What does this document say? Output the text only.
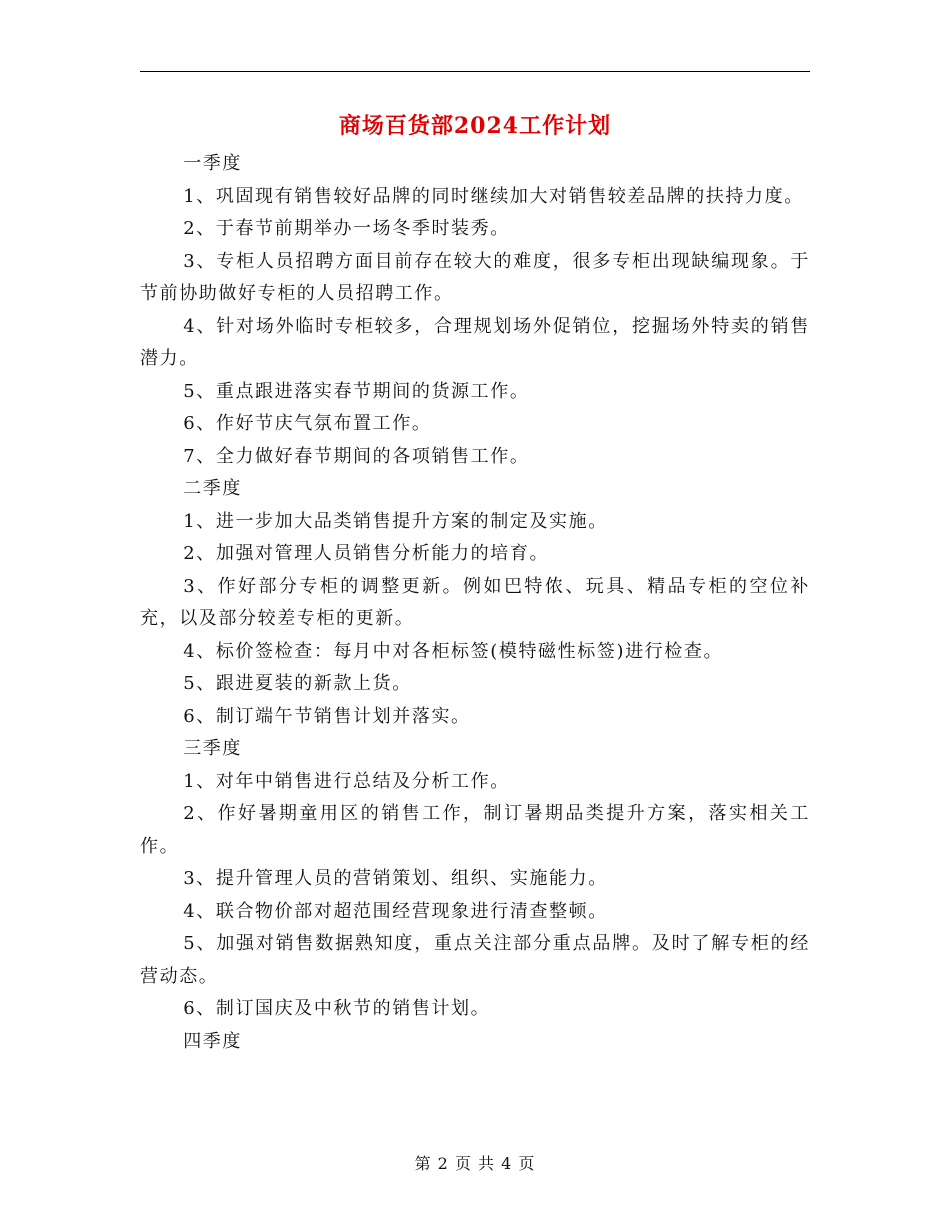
商场百货部2024工作计划

一季度

1、巩固现有销售较好品牌的同时继续加大对销售较差品牌的扶持力度。

2、于春节前期举办一场冬季时装秀。

3、专柜人员招聘方面目前存在较大的难度，很多专柜出现缺编现象。于节前协助做好专柜的人员招聘工作。

4、针对场外临时专柜较多，合理规划场外促销位，挖掘场外特卖的销售潜力。

5、重点跟进落实春节期间的货源工作。

6、作好节庆气氛布置工作。

7、全力做好春节期间的各项销售工作。

二季度

1、进一步加大品类销售提升方案的制定及实施。

2、加强对管理人员销售分析能力的培育。

3、作好部分专柜的调整更新。例如巴特侬、玩具、精品专柜的空位补充，以及部分较差专柜的更新。

4、标价签检查：每月中对各柜标签(模特磁性标签)进行检查。

5、跟进夏装的新款上货。

6、制订端午节销售计划并落实。

三季度

1、对年中销售进行总结及分析工作。

2、作好暑期童用区的销售工作，制订暑期品类提升方案，落实相关工作。

3、提升管理人员的营销策划、组织、实施能力。

4、联合物价部对超范围经营现象进行清查整顿。

5、加强对销售数据熟知度，重点关注部分重点品牌。及时了解专柜的经营动态。

6、制订国庆及中秋节的销售计划。

四季度

第 2 页 共 4 页
